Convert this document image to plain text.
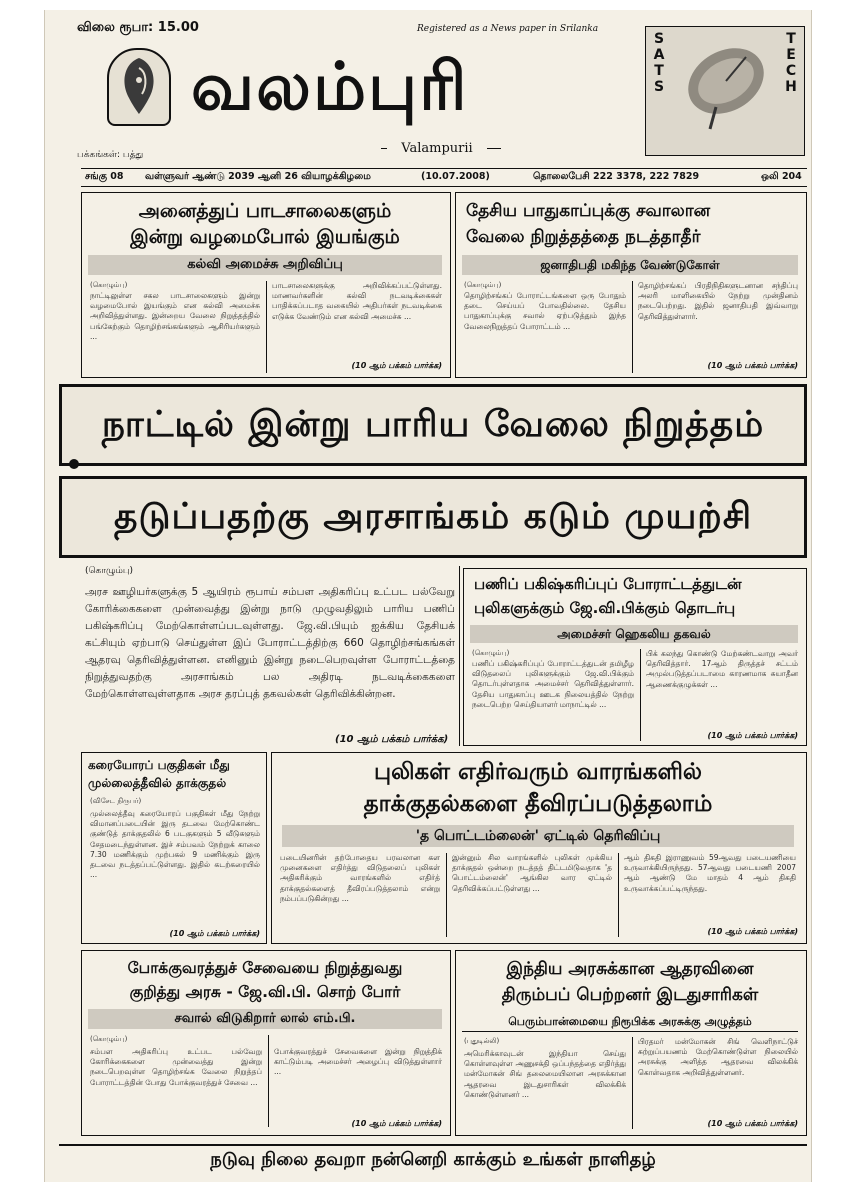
விலை ரூபா: 15.00	Registered as a News paper in Srilanka
வலம்புரி
Valampurii
பக்கங்கள்: பத்து
SATS
TECH
சங்கு 08 வள்ளுவர் ஆண்டு 2039 ஆனி 26 வியாழக்கிழமை	(10.07.2008)	தொலைபேசி 222 3378, 222 7829	ஒலி 204
அனைத்துப் பாடசாலைகளும்
இன்று வழமைபோல் இயங்கும்
கல்வி அமைச்சு அறிவிப்பு
(கொழும்பு)
நாட்டிலுள்ள சகல பாடசாலைகளும் இன்று வழமைபோல் இயங்கும் என கல்வி அமைச்சு அறிவித்துள்ளது. இன்றைய வேலை நிறுத்தத்தில் பங்கேற்கும் தொழிற்சங்கங்களும் ஆசிரியர்களும் ...
பாடசாலைகளுக்கு அறிவிக்கப்பட்டுள்ளது. மாணவர்களின் கல்வி நடவடிக்கைகள் பாதிக்கப்படாத வகையில் அதிபர்கள் நடவடிக்கை எடுக்க வேண்டும் என கல்வி அமைச்சு ...
(10 ஆம் பக்கம் பார்க்க)
தேசிய பாதுகாப்புக்கு சவாலான
வேலை நிறுத்தத்தை நடத்தாதீர்
ஜனாதிபதி மகிந்த வேண்டுகோள்
(கொழும்பு)
தொழிற்சங்கப் போராட்டங்களை ஒரு போதும் தடை செய்யப் போவதில்லை. தேசிய பாதுகாப்புக்கு சவால் ஏற்படுத்தும் இந்த வேலைநிறுத்தப் போராட்டம் ...
தொழிற்சங்கப் பிரதிநிதிகளுடனான சந்திப்பு அலரி மாளிகையில் நேற்று முன்தினம் நடைபெற்றது. இதில் ஜனாதிபதி இவ்வாறு தெரிவித்துள்ளார்.
(10 ஆம் பக்கம் பார்க்க)
நாட்டில் இன்று பாரிய வேலை நிறுத்தம்
தடுப்பதற்கு அரசாங்கம் கடும் முயற்சி
(கொழும்பு)
அரச ஊழியர்களுக்கு 5 ஆயிரம் ரூபாய் சம்பள அதிகரிப்பு உட்பட பல்வேறு கோரிக்கைகளை முன்வைத்து இன்று நாடு முழுவதிலும் பாரிய பணிப் பகிஷ்கரிப்பு மேற்கொள்ளப்படவுள்ளது. ஜே.வி.பியும் ஐக்கிய தேசியக் கட்சியும் ஏற்பாடு செய்துள்ள இப் போராட்டத்திற்கு 660 தொழிற்சங்கங்கள் ஆதரவு தெரிவித்துள்ளன. எனினும் இன்று நடைபெறவுள்ள போராட்டத்தை நிறுத்துவதற்கு அரசாங்கம் பல அதிரடி நடவடிக்கைகளை மேற்கொள்ளவுள்ளதாக அரச தரப்புத் தகவல்கள் தெரிவிக்கின்றன.
(10 ஆம் பக்கம் பார்க்க)
பணிப் பகிஷ்கரிப்புப் போராட்டத்துடன்
புலிகளுக்கும் ஜே.வி.பிக்கும் தொடர்பு
அமைச்சர் ஹெகலிய தகவல்
(கொழும்பு)
பணிப் பகிஷ்கரிப்புப் போராட்டத்துடன் தமிழீழ விடுதலைப் புலிகளுக்கும் ஜே.வி.பிக்கும் தொடர்புள்ளதாக அமைச்சர் தெரிவித்துள்ளார். தேசிய பாதுகாப்பு ஊடக நிலையத்தில் நேற்று நடைபெற்ற செய்தியாளர் மாநாட்டில் ...
பிக் கலந்து கொண்டு மேற்கண்டவாறு அவர் தெரிவித்தார். 17ஆம் திருத்தச் சட்டம் அமுல்படுத்தப்படாமை காரணமாக சுயாதீன ஆணைக்குழுக்கள் ...
(10 ஆம் பக்கம் பார்க்க)
கரையோரப் பகுதிகள் மீது
முல்லைத்தீவில் தாக்குதல்
(விசேட நிருபர்)
முல்லைத்தீவு கரையோரப் பகுதிகள் மீது நேற்று விமானப்படையின் இரு தடவை மேற்கொண்ட குண்டுத் தாக்குதலில் 6 படகுகளும் 5 வீடுகளும் சேதமடைந்துள்ளன. இச் சம்பவம் நேற்றுக் காலை 7.30 மணிக்கும் முற்பகல் 9 மணிக்கும் இரு தடவை நடத்தப்பட்டுள்ளது. இதில் கடற்கரையில் ...
(10 ஆம் பக்கம் பார்க்க)
புலிகள் எதிர்வரும் வாரங்களில்
தாக்குதல்களை தீவிரப்படுத்தலாம்
'த பொட்டம்லைன்' ஏட்டில் தெரிவிப்பு
படையினரின் தற்போதைய பரவலான கள முனைகளை எதிர்த்து விடுதலைப் புலிகள் அதிகரிக்கும் வாரங்களில் எதிர்த் தாக்குதல்களைத் தீவிரப்படுத்தலாம் என்று நம்பப்படுகின்றது ...
இன்னும் சில வாரங்களில் புலிகள் முக்கிய தாக்குதல் ஒன்றை நடத்தத் திட்டமிடுவதாக 'த பொட்டம்லைன்' ஆங்கில வார ஏட்டில் தெரிவிக்கப்பட்டுள்ளது ...
ஆம் திகதி இராணுவம் 59ஆவது படையணியை உருவாக்கியிருந்தது. 57ஆவது படையணி 2007 ஆம் ஆண்டு மே மாதம் 4 ஆம் திகதி உருவாக்கப்பட்டிருந்தது.
(10 ஆம் பக்கம் பார்க்க)
போக்குவரத்துச் சேவையை நிறுத்துவது
குறித்து அரசு - ஜே.வி.பி. சொற் போர்
சவால் விடுகிறார் லால் எம்.பி.
(கொழும்பு)
சம்பள அதிகரிப்பு உட்பட பல்வேறு கோரிக்கைகளை முன்வைத்து இன்று நடைபெறவுள்ள தொழிற்சங்க வேலை நிறுத்தப் போராட்டத்தின் போது போக்குவரத்துச் சேவை ...
போக்குவரத்துச் சேவைகளை இன்று நிறுத்திக் காட்டும்படி அமைச்சர் அழைப்பு விடுத்துள்ளார் ...
(10 ஆம் பக்கம் பார்க்க)
இந்திய அரசுக்கான ஆதரவினை
திரும்பப் பெற்றனர் இடதுசாரிகள்
பெரும்பான்மையை நிரூபிக்க அரசுக்கு அழுத்தம்
(புதுடில்லி)
அமெரிக்காவுடன் இந்தியா செய்து கொள்ளவுள்ள அணுசக்தி ஒப்பந்தத்தை எதிர்த்து மன்மோகன் சிங் தலைமையிலான அரசுக்கான ஆதரவை இடதுசாரிகள் விலக்கிக் கொண்டுள்ளனர் ...
பிரதமர் மன்மோகன் சிங் வெளிநாட்டுச் சுற்றுப்பயணம் மேற்கொண்டுள்ள நிலையில் அரசுக்கு அளித்த ஆதரவை விலக்கிக் கொள்வதாக அறிவித்துள்ளனர்.
(10 ஆம் பக்கம் பார்க்க)
நடுவு நிலை தவறா நன்னெறி காக்கும் உங்கள் நாளிதழ்
